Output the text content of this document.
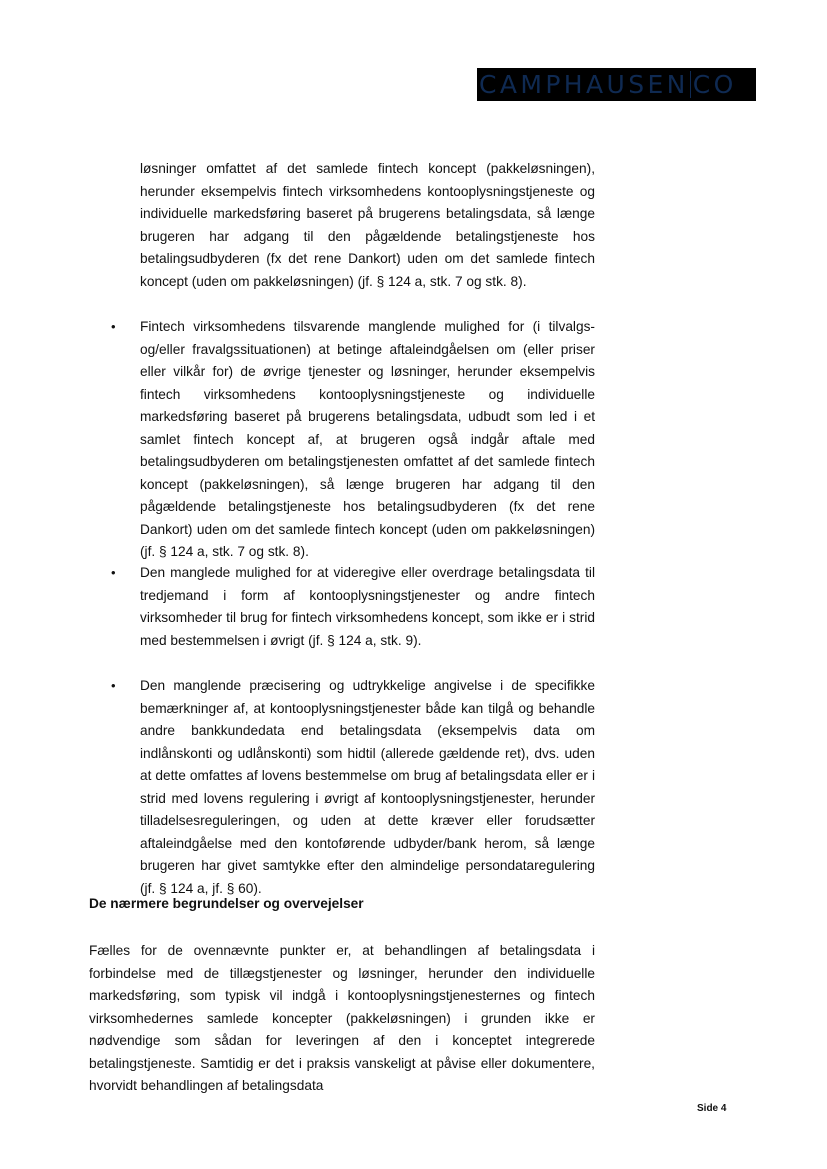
CAMPHAUSEN CO
løsninger omfattet af det samlede fintech koncept (pakkeløsningen), herunder eksempelvis fintech virksomhedens kontooplysningstjeneste og individuelle markedsføring baseret på brugerens betalingsdata, så længe brugeren har adgang til den pågældende betalingstjeneste hos betalingsudbyderen (fx det rene Dankort) uden om det samlede fintech koncept (uden om pakkeløsningen) (jf. § 124 a, stk. 7 og stk. 8).
• Fintech virksomhedens tilsvarende manglende mulighed for (i tilvalgs- og/eller fravalgssituationen) at betinge aftaleindgåelsen om (eller priser eller vilkår for) de øvrige tjenester og løsninger, herunder eksempelvis fintech virksomhedens kontooplysningstjeneste og individuelle markedsføring baseret på brugerens betalingsdata, udbudt som led i et samlet fintech koncept af, at brugeren også indgår aftale med betalingsudbyderen om betalingstjenesten omfattet af det samlede fintech koncept (pakkeløsningen), så længe brugeren har adgang til den pågældende betalingstjeneste hos betalingsudbyderen (fx det rene Dankort) uden om det samlede fintech koncept (uden om pakkeløsningen) (jf. § 124 a, stk. 7 og stk. 8).
• Den manglede mulighed for at videregive eller overdrage betalingsdata til tredjemand i form af kontooplysningstjenester og andre fintech virksomheder til brug for fintech virksomhedens koncept, som ikke er i strid med bestemmelsen i øvrigt (jf. § 124 a, stk. 9).
• Den manglende præcisering og udtrykkelige angivelse i de specifikke bemærkninger af, at kontooplysningstjenester både kan tilgå og behandle andre bankkundedata end betalingsdata (eksempelvis data om indlånskonti og udlånskonti) som hidtil (allerede gældende ret), dvs. uden at dette omfattes af lovens bestemmelse om brug af betalingsdata eller er i strid med lovens regulering i øvrigt af kontooplysningstjenester, herunder tilladelsesreguleringen, og uden at dette kræver eller forudsætter aftaleindgåelse med den kontoførende udbyder/bank herom, så længe brugeren har givet samtykke efter den almindelige persondataregulering (jf. § 124 a, jf. § 60).
De nærmere begrundelser og overvejelser
Fælles for de ovennævnte punkter er, at behandlingen af betalingsdata i forbindelse med de tillægstjenester og løsninger, herunder den individuelle markedsføring, som typisk vil indgå i kontooplysningstjenesternes og fintech virksomhedernes samlede koncepter (pakkeløsningen) i grunden ikke er nødvendige som sådan for leveringen af den i konceptet integrerede betalingstjeneste. Samtidig er det i praksis vanskeligt at påvise eller dokumentere, hvorvidt behandlingen af betalingsdata
Side 4
